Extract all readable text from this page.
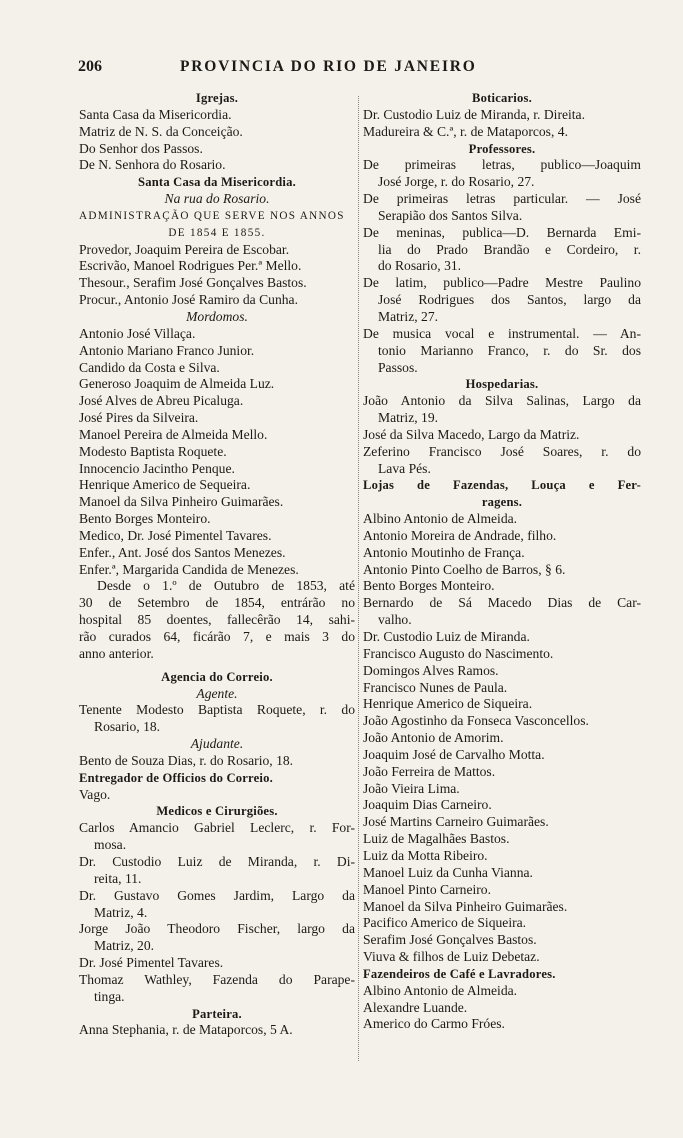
206	PROVINCIA DO RIO DE JANEIRO
Igrejas.
Santa Casa da Misericordia.
Matriz de N. S. da Conceição.
Do Senhor dos Passos.
De N. Senhora do Rosario.
Santa Casa da Misericordia.
Na rua do Rosario.
ADMINISTRAÇÃO QUE SERVE NOS ANNOS
DE 1854 E 1855.
Provedor, Joaquim Pereira de Escobar.
Escrivão, Manoel Rodrigues Per.ª Mello.
Thesour., Serafim José Gonçalves Bastos.
Procur., Antonio José Ramiro da Cunha.
Mordomos.
Antonio José Villaça.
Antonio Mariano Franco Junior.
Candido da Costa e Silva.
Generoso Joaquim de Almeida Luz.
José Alves de Abreu Picaluga.
José Pires da Silveira.
Manoel Pereira de Almeida Mello.
Modesto Baptista Roquete.
Innocencio Jacintho Penque.
Henrique Americo de Sequeira.
Manoel da Silva Pinheiro Guimarães.
Bento Borges Monteiro.
Medico, Dr. José Pimentel Tavares.
Enfer., Ant. José dos Santos Menezes.
Enfer.ª, Margarida Candida de Menezes.
Desde o 1.º de Outubro de 1853, até
30 de Setembro de 1854, entrárão no
hospital 85 doentes, fallecêrão 14, sahi-
rão curados 64, ficárão 7, e mais 3 do
anno anterior.
Agencia do Correio.
Agente.
Tenente Modesto Baptista Roquete, r. do
Rosario, 18.
Ajudante.
Bento de Souza Dias, r. do Rosario, 18.
Entregador de Officios do Correio.
Vago.
Medicos e Cirurgiões.
Carlos Amancio Gabriel Leclerc, r. For-
mosa.
Dr. Custodio Luiz de Miranda, r. Di-
reita, 11.
Dr. Gustavo Gomes Jardim, Largo da
Matriz, 4.
Jorge João Theodoro Fischer, largo da
Matriz, 20.
Dr. José Pimentel Tavares.
Thomaz Wathley, Fazenda do Parape-
tinga.
Parteira.
Anna Stephania, r. de Mataporcos, 5 A.
Boticarios.
Dr. Custodio Luiz de Miranda, r. Direita.
Madureira & C.ª, r. de Mataporcos, 4.
Professores.
De primeiras letras, publico—Joaquim
José Jorge, r. do Rosario, 27.
De primeiras letras particular. — José
Serapião dos Santos Silva.
De meninas, publica—D. Bernarda Emi-
lia do Prado Brandão e Cordeiro, r.
do Rosario, 31.
De latim, publico—Padre Mestre Paulino
José Rodrigues dos Santos, largo da
Matriz, 27.
De musica vocal e instrumental. — An-
tonio Marianno Franco, r. do Sr. dos
Passos.
Hospedarias.
João Antonio da Silva Salinas, Largo da
Matriz, 19.
José da Silva Macedo, Largo da Matriz.
Zeferino Francisco José Soares, r. do
Lava Pés.
Lojas de Fazendas, Louça e Fer-
ragens.
Albino Antonio de Almeida.
Antonio Moreira de Andrade, filho.
Antonio Moutinho de França.
Antonio Pinto Coelho de Barros, § 6.
Bento Borges Monteiro.
Bernardo de Sá Macedo Dias de Car-
valho.
Dr. Custodio Luiz de Miranda.
Francisco Augusto do Nascimento.
Domingos Alves Ramos.
Francisco Nunes de Paula.
Henrique Americo de Siqueira.
João Agostinho da Fonseca Vasconcellos.
João Antonio de Amorim.
Joaquim José de Carvalho Motta.
João Ferreira de Mattos.
João Vieira Lima.
Joaquim Dias Carneiro.
José Martins Carneiro Guimarães.
Luiz de Magalhães Bastos.
Luiz da Motta Ribeiro.
Manoel Luiz da Cunha Vianna.
Manoel Pinto Carneiro.
Manoel da Silva Pinheiro Guimarães.
Pacifico Americo de Siqueira.
Serafim José Gonçalves Bastos.
Viuva & filhos de Luiz Debetaz.
Fazendeiros de Café e Lavradores.
Albino Antonio de Almeida.
Alexandre Luande.
Americo do Carmo Fróes.
